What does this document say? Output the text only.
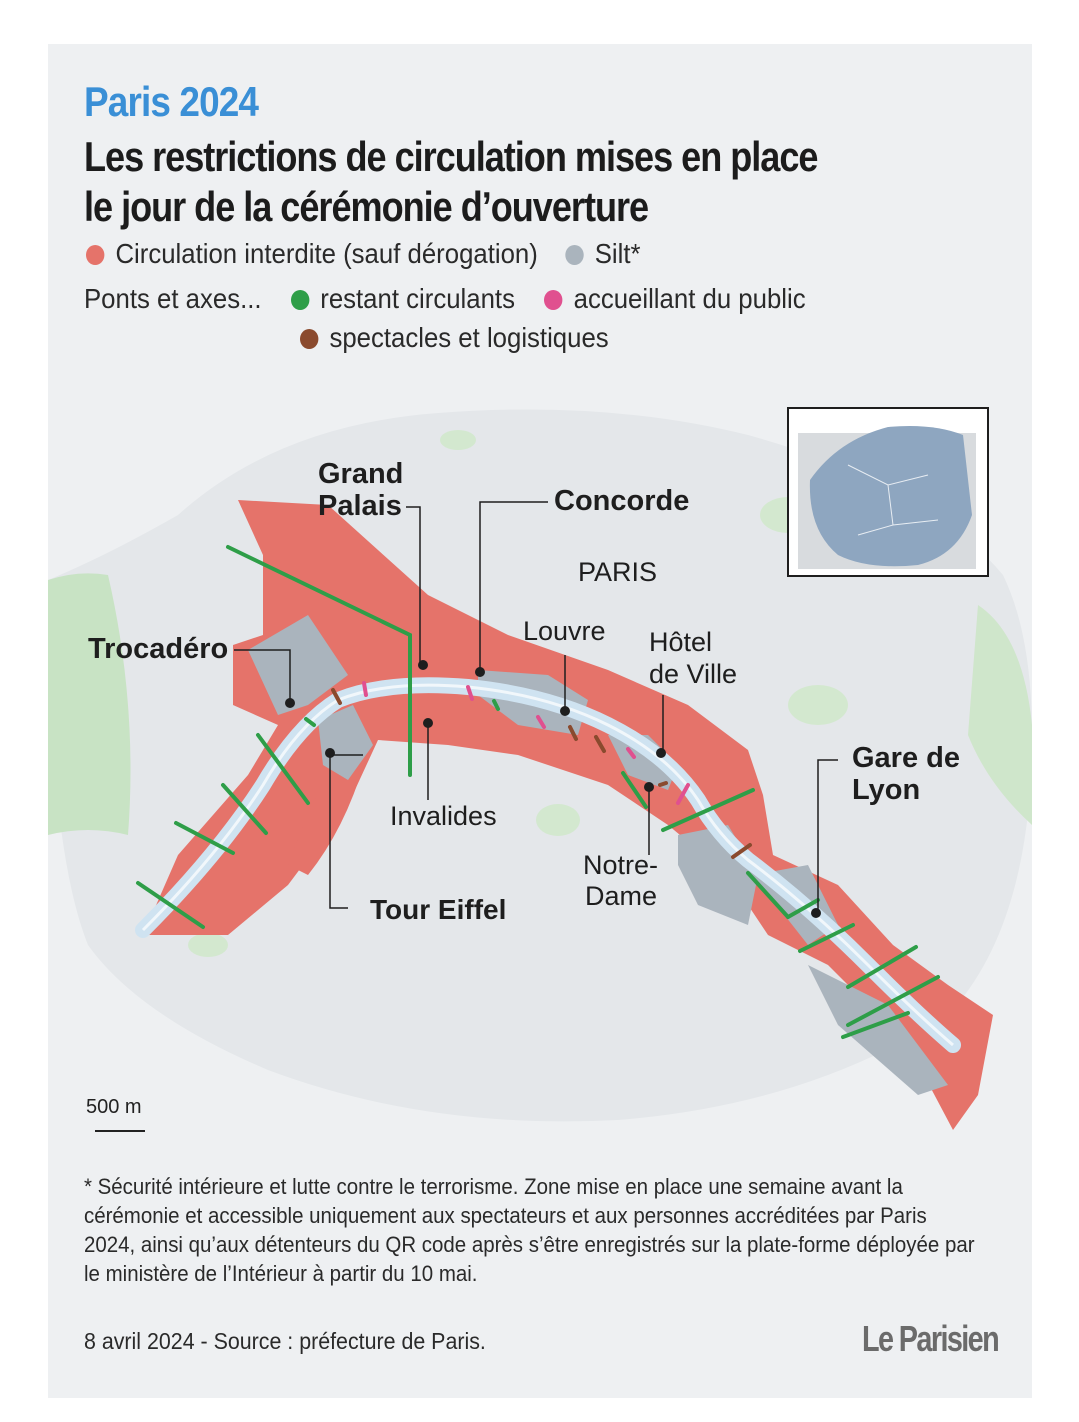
Paris 2024
Les restrictions de circulation mises en place
le jour de la cérémonie d’ouverture
Circulation interdite (sauf dérogation) Silt*
Ponts et axes... restant circulants accueillant du public
spectacles et logistiques
Grand
Palais	Concorde
PARIS
Trocadéro
Louvre Hôtel
de Ville
Invalides
Gare de
Lyon
Notre-
Dame
Tour Eiffel
500 m
* Sécurité intérieure et lutte contre le terrorisme. Zone mise en place une semaine avant la cérémonie et accessible uniquement aux spectateurs et aux personnes accréditées par Paris 2024, ainsi qu’aux détenteurs du QR code après s’être enregistrés sur la plate-forme déployée par le ministère de l’Intérieur à partir du 10 mai.
8 avril 2024 - Source : préfecture de Paris.	Le Parisien
